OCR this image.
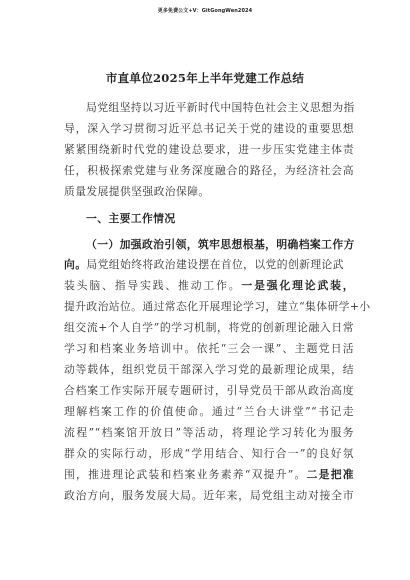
更多免费公文+V：GitGongWen2024
市直单位2025年上半年党建工作总结
局党组坚持以习近平新时代中国特色社会主义思想为指
导，深入学习贯彻习近平总书记关于党的建设的重要思想
紧紧围绕新时代党的建设总要求，进一步压实党建主体责
任，积极探索党建与业务深度融合的路径，为经济社会高
质量发展提供坚强政治保障。
一、主要工作情况
（一）加强政治引领，筑牢思想根基，明确档案工作方
向。局党组始终将政治建设摆在首位，以党的创新理论武
装头脑、指导实践、推动工作。一是强化理论武装，
提升政治站位。通过常态化开展理论学习，建立“集体研学+小
组交流+个人自学”的学习机制，将党的创新理论融入日常
学习和档案业务培训中。依托“三会一课”、主题党日活
动等载体，组织党员干部深入学习党的最新理论成果，结
合档案工作实际开展专题研讨，引导党员干部从政治高度
理解档案工作的价值使命。通过“兰台大讲堂”“书记走
流程”“档案馆开放日”等活动，将理论学习转化为服务
群众的实际行动，形成“学用结合、知行合一”的良好氛
围，推进理论武装和档案业务素养“双提升”。二是把准
政治方向，服务发展大局。近年来，局党组主动对接全市
